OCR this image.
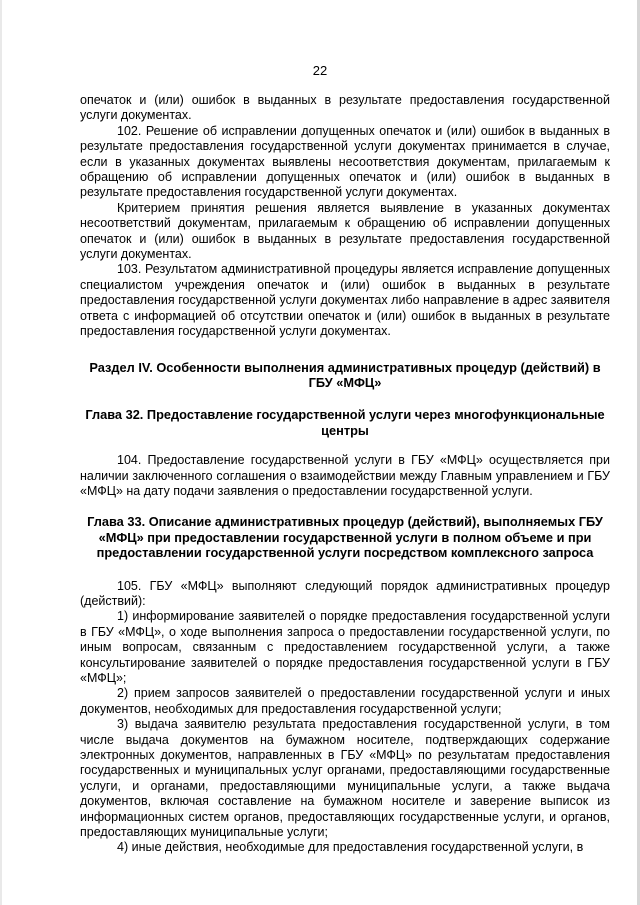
22

опечаток и (или) ошибок в выданных в результате предоставления государственной услуги документах.

102. Решение об исправлении допущенных опечаток и (или) ошибок в выданных в результате предоставления государственной услуги документах принимается в случае, если в указанных документах выявлены несоответствия документам, прилагаемым к обращению об исправлении допущенных опечаток и (или) ошибок в выданных в результате предоставления государственной услуги документах.

Критерием принятия решения является выявление в указанных документах несоответствий документам, прилагаемым к обращению об исправлении допущенных опечаток и (или) ошибок в выданных в результате предоставления государственной услуги документах.

103. Результатом административной процедуры является исправление допущенных специалистом учреждения опечаток и (или) ошибок в выданных в результате предоставления государственной услуги документах либо направление в адрес заявителя ответа с информацией об отсутствии опечаток и (или) ошибок в выданных в результате предоставления государственной услуги документах.

Раздел IV. Особенности выполнения административных процедур (действий) в ГБУ «МФЦ»

Глава 32. Предоставление государственной услуги через многофункциональные центры

104. Предоставление государственной услуги в ГБУ «МФЦ» осуществляется при наличии заключенного соглашения о взаимодействии между Главным управлением и ГБУ «МФЦ» на дату подачи заявления о предоставлении государственной услуги.

Глава 33. Описание административных процедур (действий), выполняемых ГБУ «МФЦ» при предоставлении государственной услуги в полном объеме и при предоставлении государственной услуги посредством комплексного запроса

105. ГБУ «МФЦ» выполняют следующий порядок административных процедур (действий):

1) информирование заявителей о порядке предоставления государственной услуги в ГБУ «МФЦ», о ходе выполнения запроса о предоставлении государственной услуги, по иным вопросам, связанным с предоставлением государственной услуги, а также консультирование заявителей о порядке предоставления государственной услуги в ГБУ «МФЦ»;

2) прием запросов заявителей о предоставлении государственной услуги и иных документов, необходимых для предоставления государственной услуги;

3) выдача заявителю результата предоставления государственной услуги, в том числе выдача документов на бумажном носителе, подтверждающих содержание электронных документов, направленных в ГБУ «МФЦ» по результатам предоставления государственных и муниципальных услуг органами, предоставляющими государственные услуги, и органами, предоставляющими муниципальные услуги, а также выдача документов, включая составление на бумажном носителе и заверение выписок из информационных систем органов, предоставляющих государственные услуги, и органов, предоставляющих муниципальные услуги;

4) иные действия, необходимые для предоставления государственной услуги, в
